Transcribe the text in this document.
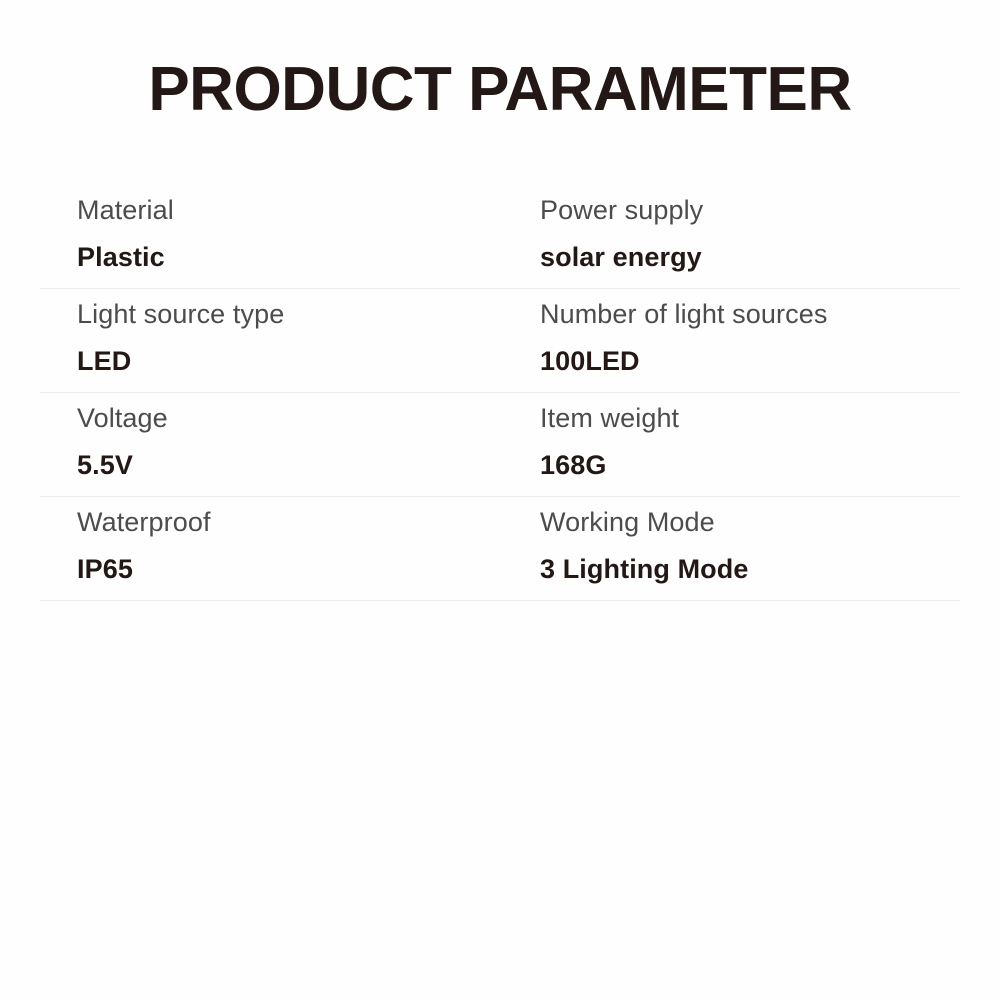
PRODUCT PARAMETER
Material
Plastic
Power supply
solar energy
Light source type
LED
Number of light sources
100LED
Voltage
5.5V
Item weight
168G
Waterproof
IP65
Working Mode
3 Lighting Mode
